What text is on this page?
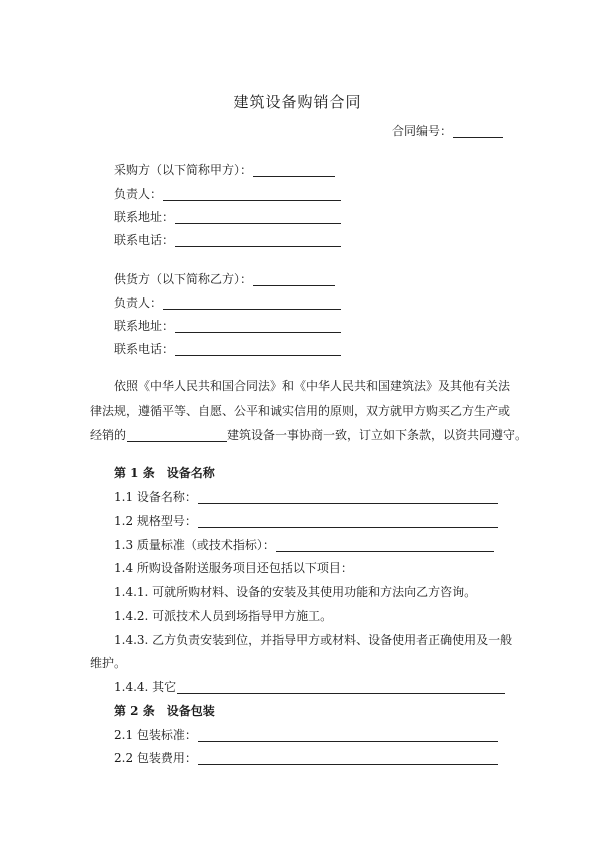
建筑设备购销合同
合同编号：
采购方（以下简称甲方）：
负责人：
联系地址：
联系电话：
供货方（以下简称乙方）：
负责人：
联系地址：
联系电话：
依照《中华人民共和国合同法》和《中华人民共和国建筑法》及其他有关法
律法规，遵循平等、自愿、公平和诚实信用的原则，双方就甲方购买乙方生产或
经销的	建筑设备一事协商一致，订立如下条款，以资共同遵守。
第 1 条　设备名称
1.1 设备名称：
1.2 规格型号：
1.3 质量标准（或技术指标）：
1.4 所购设备附送服务项目还包括以下项目：
1.4.1. 可就所购材料、设备的安装及其使用功能和方法向乙方咨询。
1.4.2. 可派技术人员到场指导甲方施工。
1.4.3. 乙方负责安装到位，并指导甲方或材料、设备使用者正确使用及一般
维护。
1.4.4. 其它
第 2 条　设备包装
2.1 包装标准：
2.2 包装费用：
